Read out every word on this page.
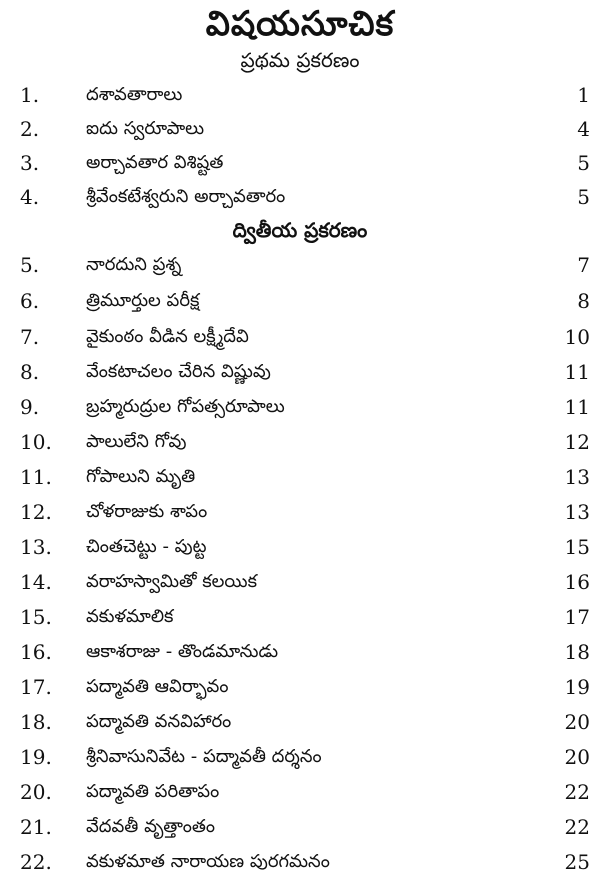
విషయసూచిక
ప్రథమ ప్రకరణం
1.	దశావతారాలు	1
2.	ఐదు స్వరూపాలు	4
3.	అర్చావతార విశిష్టత	5
4.	శ్రీవేంకటేశ్వరుని అర్చావతారం	5
ద్వితీయ ప్రకరణం
5.	నారదుని ప్రశ్న	7
6.	త్రిమూర్తుల పరీక్ష	8
7.	వైకుంఠం వీడిన లక్ష్మీదేవి	10
8.	వేంకటాచలం చేరిన విష్ణువు	11
9.	బ్రహ్మరుద్రుల గోపత్సరూపాలు	11
10.	పాలులేని గోవు	12
11.	గోపాలుని మృతి	13
12.	చోళరాజుకు శాపం	13
13.	చింతచెట్టు - పుట్ట	15
14.	వరాహస్వామితో కలయిక	16
15.	వకుళమాలిక	17
16.	ఆకాశరాజు - తొండమానుడు	18
17.	పద్మావతి ఆవిర్భావం	19
18.	పద్మావతి వనవిహారం	20
19.	శ్రీనివాసునివేట - పద్మావతీ దర్శనం	20
20.	పద్మావతి పరితాపం	22
21.	వేదవతీ వృత్తాంతం	22
22.	వకుళమాత నారాయణ పురగమనం	25
